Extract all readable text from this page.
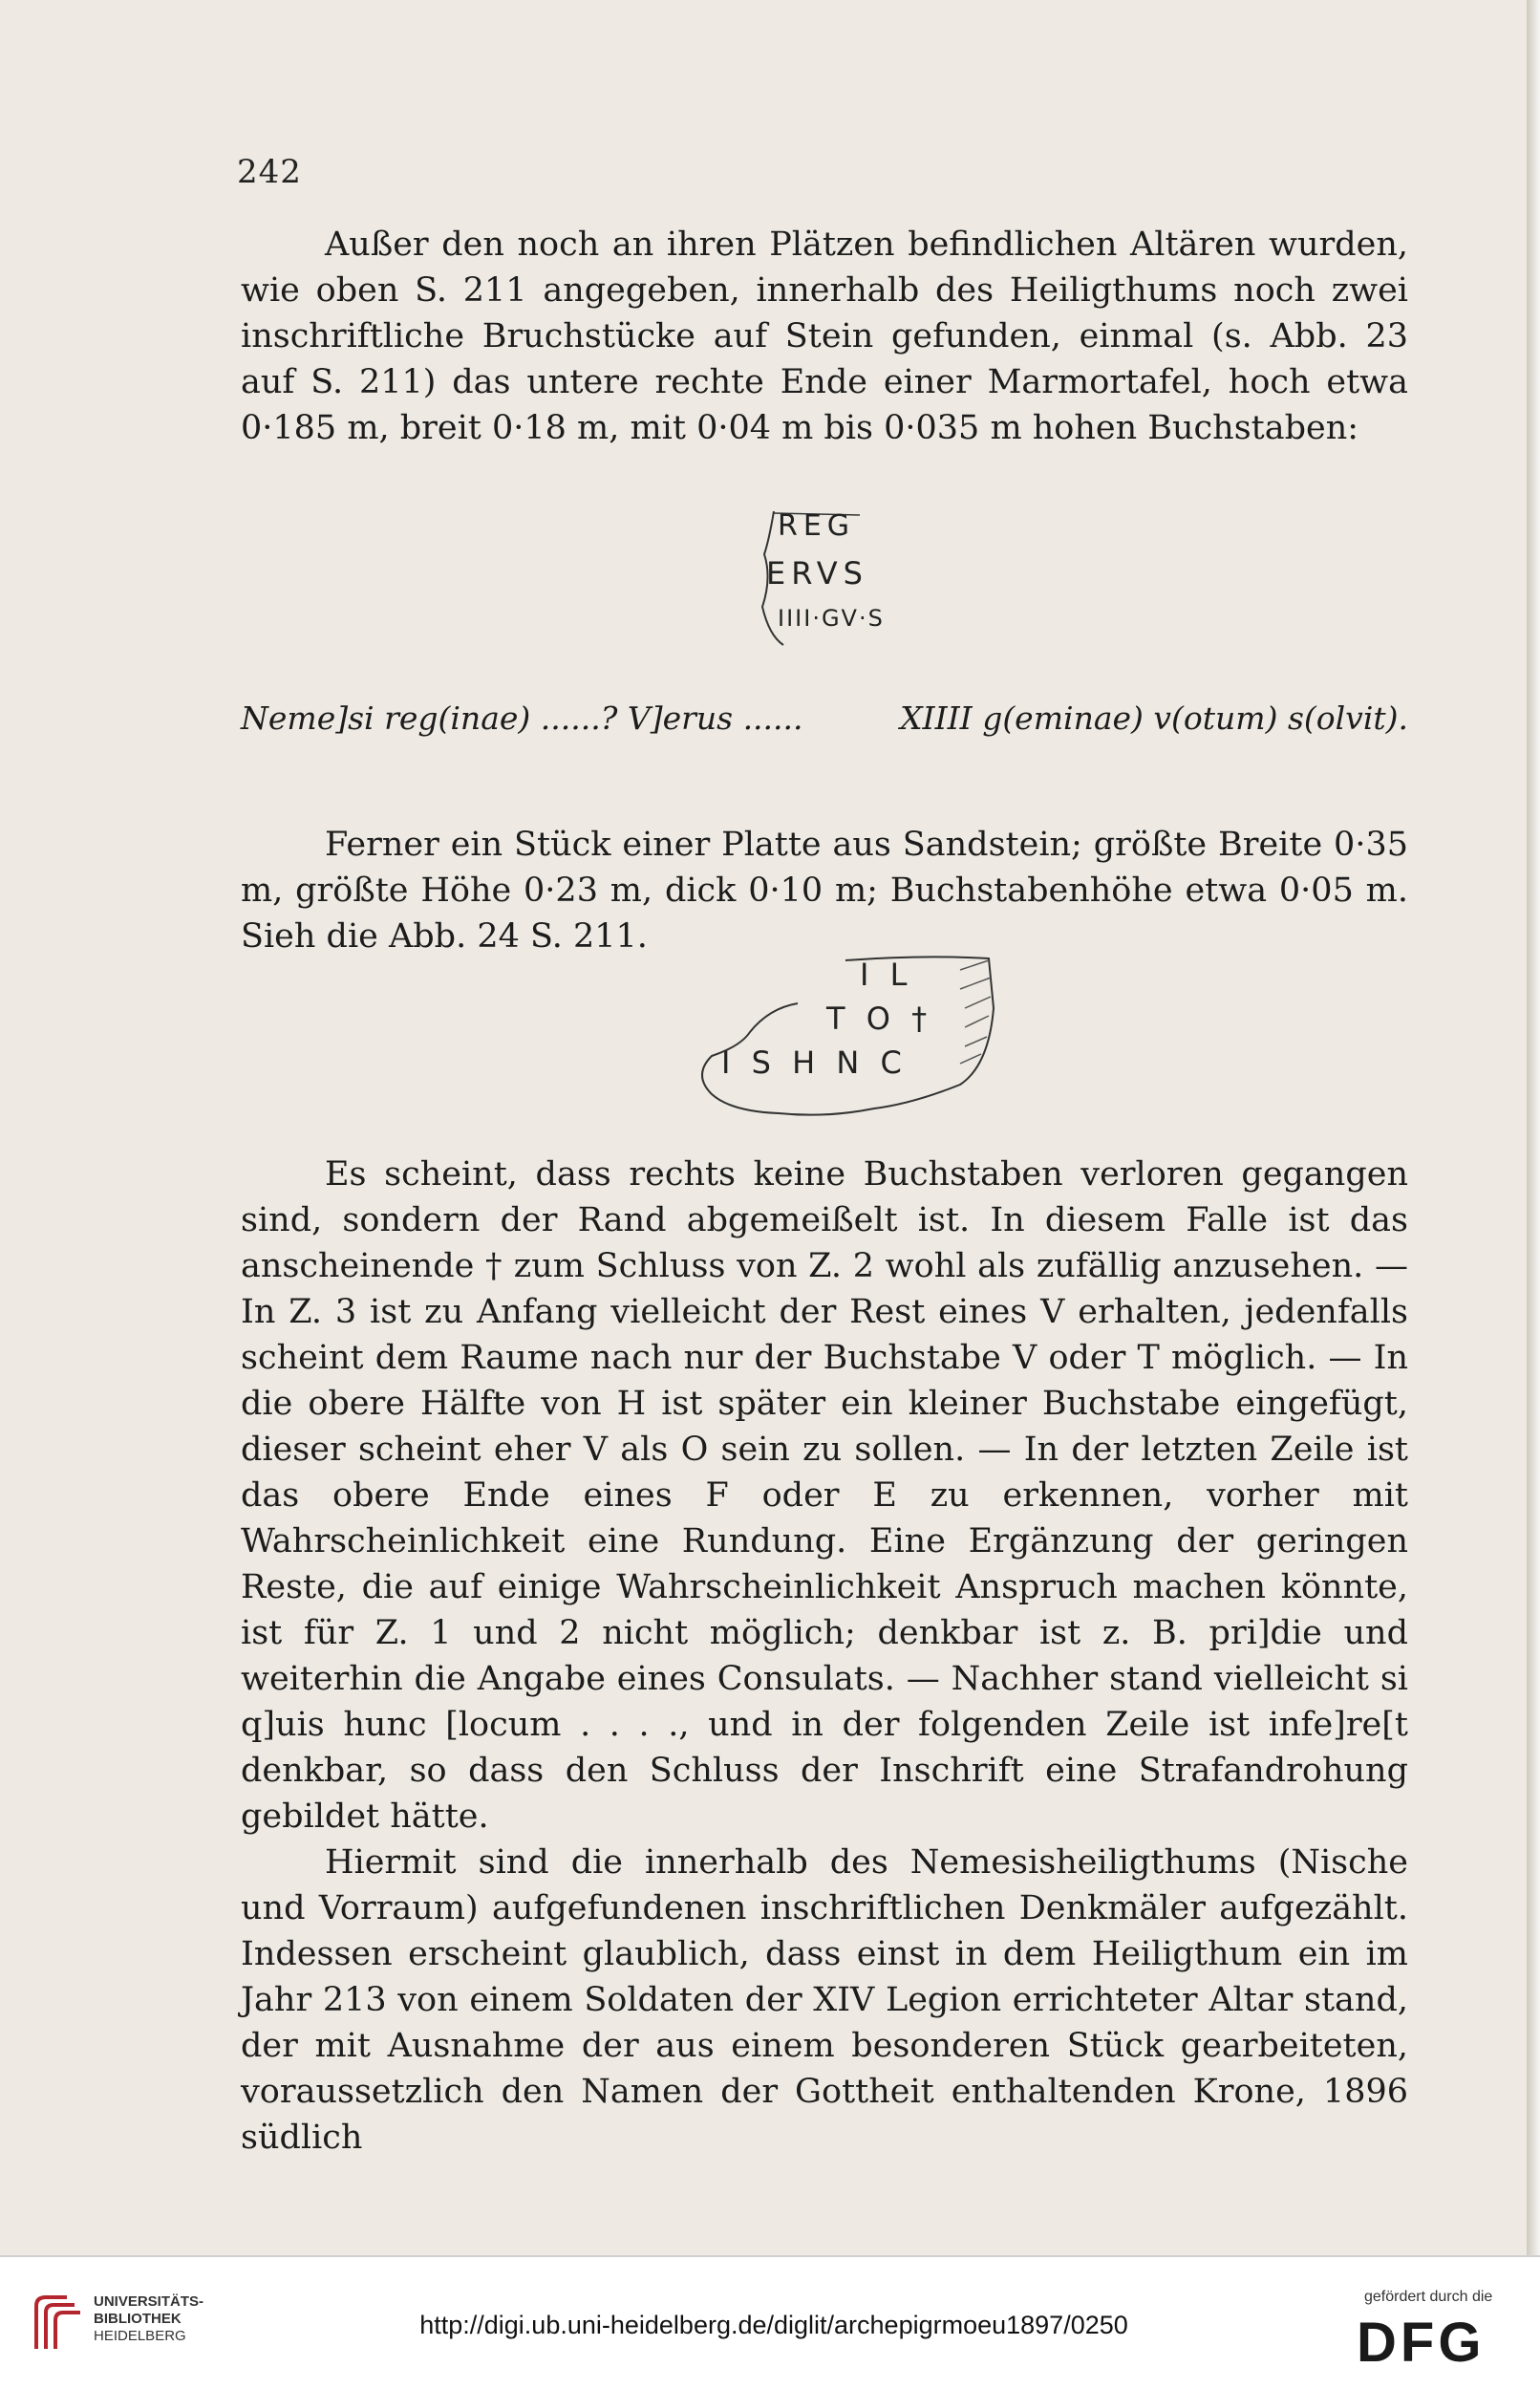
242

Außer den noch an ihren Plätzen befindlichen Altären wurden, wie oben S. 211 angegeben, innerhalb des Heiligthums noch zwei inschriftliche Bruchstücke auf Stein gefunden, einmal (s. Abb. 23 auf S. 211) das untere rechte Ende einer Marmortafel, hoch etwa 0·185 m, breit 0·18 m, mit 0·04 m bis 0·035 m hohen Buchstaben:

REG
ERVS
IIII·GV·S
Neme]si reg(inae) ......? V]erus ......	XIIII g(eminae) v(otum) s(olvit).

Ferner ein Stück einer Platte aus Sandstein; größte Breite 0·35 m, größte Höhe 0·23 m, dick 0·10 m; Buchstabenhöhe etwa 0·05 m. Sieh die Abb. 24 S. 211.

I L
T O †
I S H N C

Es scheint, dass rechts keine Buchstaben verloren gegangen sind, sondern der Rand abgemeißelt ist. In diesem Falle ist das anscheinende † zum Schluss von Z. 2 wohl als zufällig anzusehen. — In Z. 3 ist zu Anfang vielleicht der Rest eines V erhalten, jedenfalls scheint dem Raume nach nur der Buchstabe V oder T möglich. — In die obere Hälfte von H ist später ein kleiner Buchstabe eingefügt, dieser scheint eher V als O sein zu sollen. — In der letzten Zeile ist das obere Ende eines F oder E zu erkennen, vorher mit Wahrscheinlichkeit eine Rundung. Eine Ergänzung der geringen Reste, die auf einige Wahrscheinlichkeit Anspruch machen könnte, ist für Z. 1 und 2 nicht möglich; denkbar ist z. B. pri]die und weiterhin die Angabe eines Consulats. — Nachher stand vielleicht si q]uis hunc [locum . . . ., und in der folgenden Zeile ist infe]re[t denkbar, so dass den Schluss der Inschrift eine Strafandrohung gebildet hätte.

Hiermit sind die innerhalb des Nemesisheiligthums (Nische und Vorraum) aufgefundenen inschriftlichen Denkmäler aufgezählt. Indessen erscheint glaublich, dass einst in dem Heiligthum ein im Jahr 213 von einem Soldaten der XIV Legion errichteter Altar stand, der mit Ausnahme der aus einem besonderen Stück gearbeiteten, voraussetzlich den Namen der Gottheit enthaltenden Krone, 1896 südlich

UNIVERSITÄTS-
BIBLIOTHEK
HEIDELBERG	http://digi.ub.uni-heidelberg.de/diglit/archepigrmoeu1897/0250
gefördert durch die
DFG
